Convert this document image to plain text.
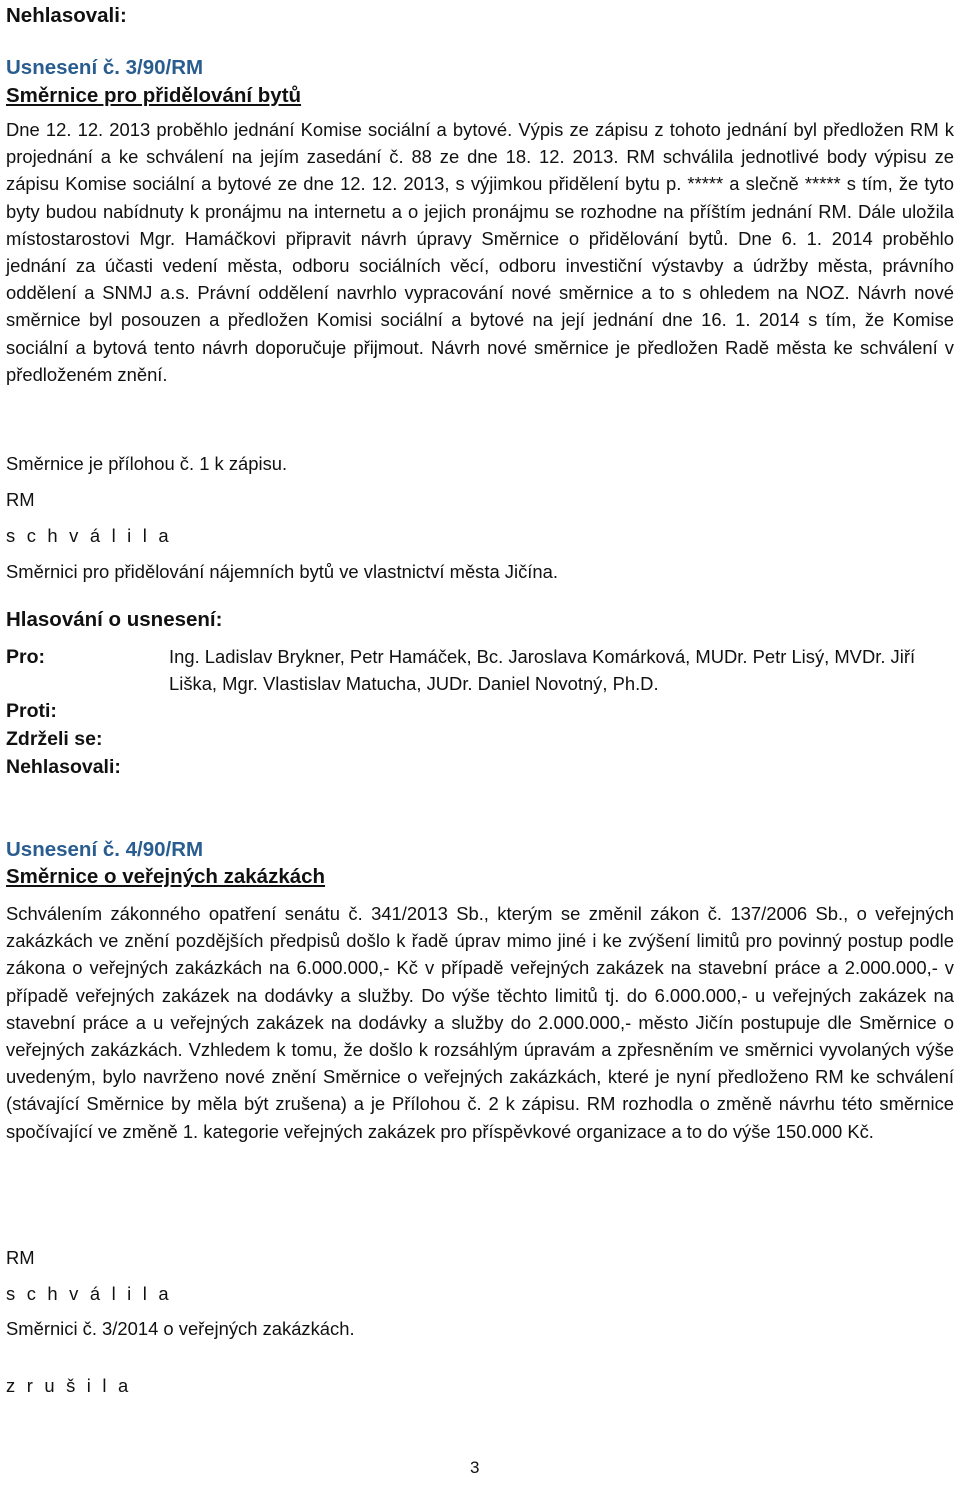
Nehlasovali:
Usnesení č. 3/90/RM
Směrnice pro přidělování bytů
Dne 12. 12. 2013 proběhlo jednání Komise sociální a bytové. Výpis ze zápisu z tohoto jednání byl předložen RM k projednání a ke schválení na jejím zasedání č. 88 ze dne 18. 12. 2013. RM schválila jednotlivé body výpisu ze zápisu Komise sociální a bytové ze dne 12. 12. 2013, s výjimkou přidělení bytu p. ***** a slečně ***** s tím, že tyto byty budou nabídnuty k pronájmu na internetu a o jejich pronájmu se rozhodne na příštím jednání RM. Dále uložila místostarostovi Mgr. Hamáčkovi připravit návrh úpravy Směrnice o přidělování bytů. Dne 6. 1. 2014 proběhlo jednání za účasti vedení města, odboru sociálních věcí, odboru investiční výstavby a údržby města, právního oddělení a SNMJ a.s. Právní oddělení navrhlo vypracování nové směrnice a to s ohledem na NOZ. Návrh nové směrnice byl posouzen a předložen Komisi sociální a bytové na její jednání dne 16. 1. 2014 s tím, že Komise sociální a bytová tento návrh doporučuje přijmout. Návrh nové směrnice je předložen Radě města ke schválení v předloženém znění.
Směrnice je přílohou č. 1 k zápisu.
RM
s c h v á l i l a
Směrnici pro přidělování nájemních bytů ve vlastnictví města Jičína.
Hlasování o usnesení:
Pro:	Ing. Ladislav Brykner, Petr Hamáček, Bc. Jaroslava Komárková, MUDr. Petr Lisý, MVDr. Jiří Liška, Mgr. Vlastislav Matucha, JUDr. Daniel Novotný, Ph.D.
Proti:
Zdrželi se:
Nehlasovali:
Usnesení č. 4/90/RM
Směrnice o veřejných zakázkách
Schválením zákonného opatření senátu č. 341/2013 Sb., kterým se změnil zákon č. 137/2006 Sb., o veřejných zakázkách ve znění pozdějších předpisů došlo k řadě úprav mimo jiné i ke zvýšení limitů pro povinný postup podle zákona o veřejných zakázkách na 6.000.000,- Kč v případě veřejných zakázek na stavební práce a 2.000.000,- v případě veřejných zakázek na dodávky a služby. Do výše těchto limitů tj. do 6.000.000,- u veřejných zakázek na stavební práce a u veřejných zakázek na dodávky a služby do 2.000.000,- město Jičín postupuje dle Směrnice o veřejných zakázkách. Vzhledem k tomu, že došlo k rozsáhlým úpravám a zpřesněním ve směrnici vyvolaných výše uvedeným, bylo navrženo nové znění Směrnice o veřejných zakázkách, které je nyní předloženo RM ke schválení (stávající Směrnice by měla být zrušena) a je Přílohou č. 2 k zápisu. RM rozhodla o změně návrhu této směrnice spočívající ve změně 1. kategorie veřejných zakázek pro příspěvkové organizace a to do výše 150.000 Kč.
RM
s c h v á l i l a
Směrnici č. 3/2014 o veřejných zakázkách.
z r u š i l a
3
